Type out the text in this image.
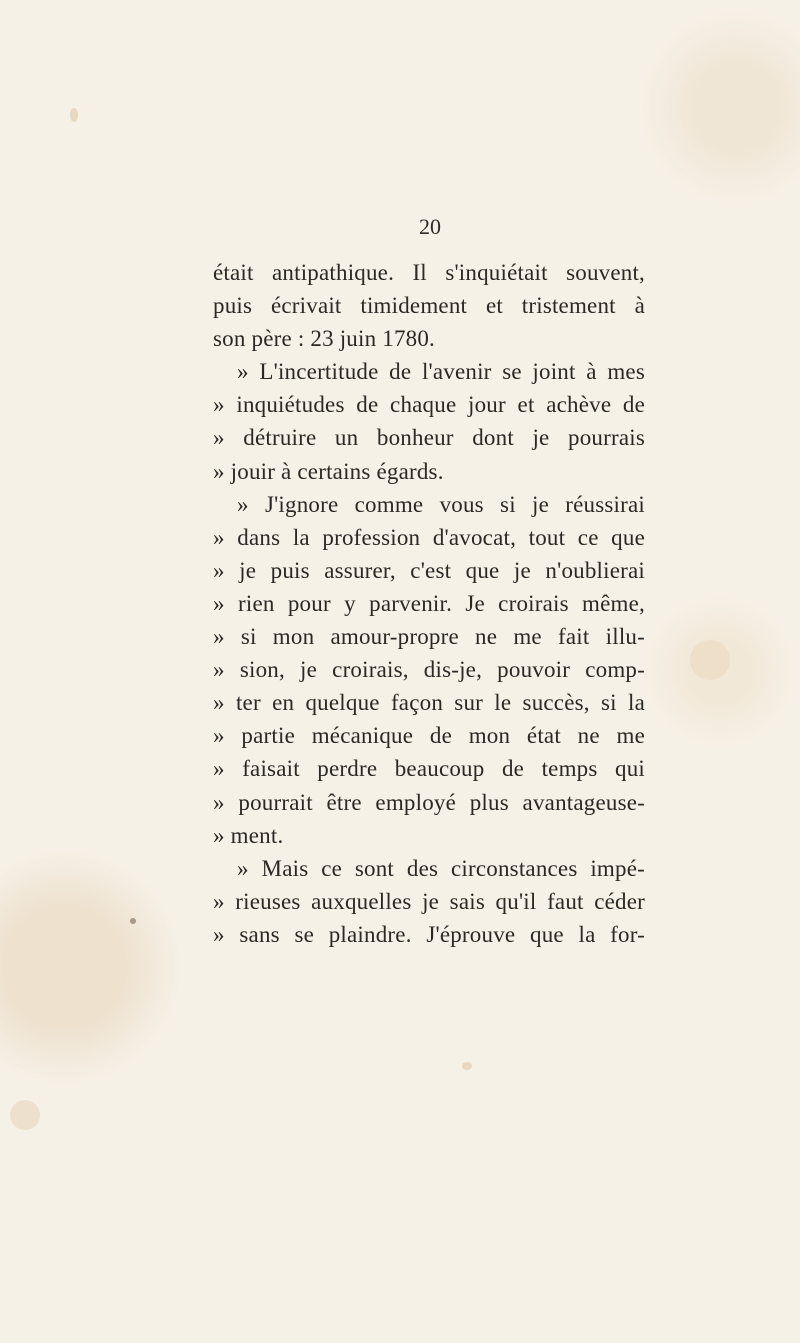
20
était antipathique. Il s'inquiétait souvent,
puis écrivait timidement et tristement à
son père : 23 juin 1780.
» L'incertitude de l'avenir se joint à mes
» inquiétudes de chaque jour et achève de
» détruire un bonheur dont je pourrais
» jouir à certains égards.
» J'ignore comme vous si je réussirai
» dans la profession d'avocat, tout ce que
» je puis assurer, c'est que je n'oublierai
» rien pour y parvenir. Je croirais même,
» si mon amour-propre ne me fait illu-
» sion, je croirais, dis-je, pouvoir comp-
» ter en quelque façon sur le succès, si la
» partie mécanique de mon état ne me
» faisait perdre beaucoup de temps qui
» pourrait être employé plus avantageuse-
» ment.
» Mais ce sont des circonstances impé-
» rieuses auxquelles je sais qu'il faut céder
» sans se plaindre. J'éprouve que la for-
